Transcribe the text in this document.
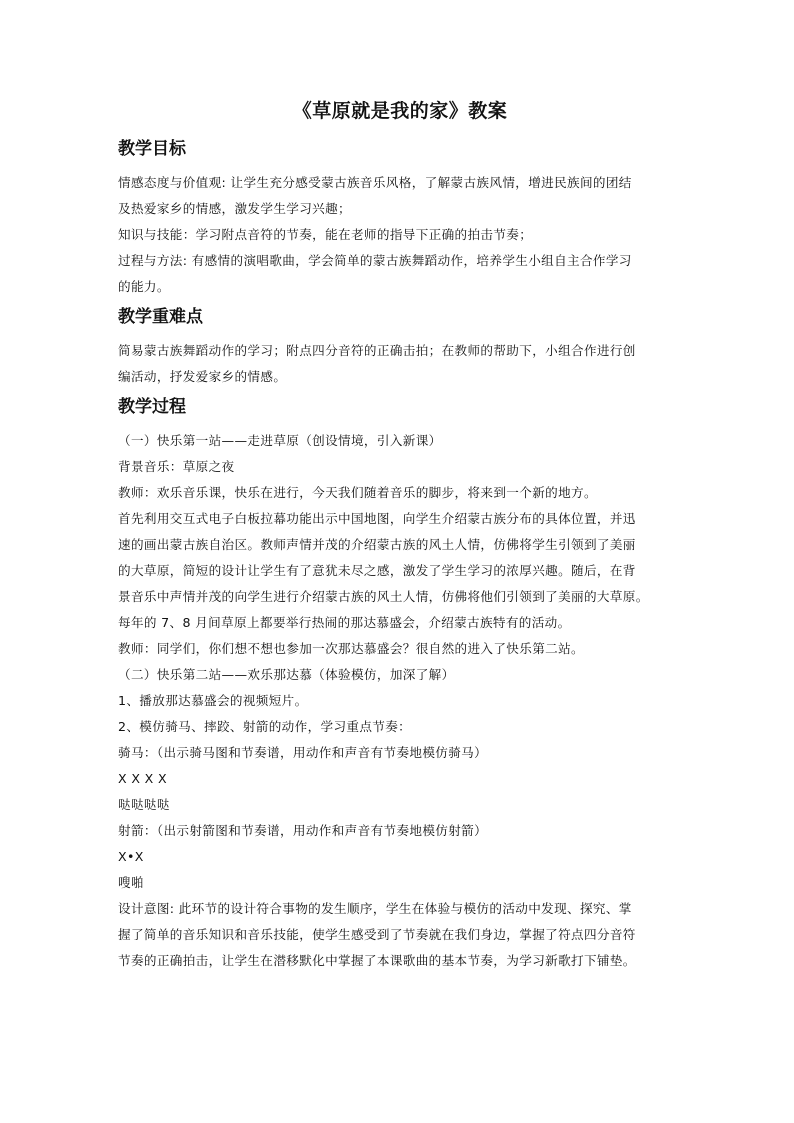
《草原就是我的家》教案
教学目标
情感态度与价值观: 让学生充分感受蒙古族音乐风格，了解蒙古族风情，增进民族间的团结
及热爱家乡的情感，激发学生学习兴趣；
知识与技能：学习附点音符的节奏，能在老师的指导下正确的拍击节奏；
过程与方法: 有感情的演唱歌曲，学会简单的蒙古族舞蹈动作，培养学生小组自主合作学习
的能力。
教学重难点
简易蒙古族舞蹈动作的学习；附点四分音符的正确击拍；在教师的帮助下，小组合作进行创
编活动，抒发爱家乡的情感。
教学过程
（一）快乐第一站——走进草原（创设情境，引入新课）
背景音乐：草原之夜
教师：欢乐音乐课，快乐在进行，今天我们随着音乐的脚步，将来到一个新的地方。
首先利用交互式电子白板拉幕功能出示中国地图，向学生介绍蒙古族分布的具体位置，并迅
速的画出蒙古族自治区。教师声情并茂的介绍蒙古族的风土人情，仿佛将学生引领到了美丽
的大草原，简短的设计让学生有了意犹未尽之感，激发了学生学习的浓厚兴趣。随后，在背
景音乐中声情并茂的向学生进行介绍蒙古族的风土人情，仿佛将他们引领到了美丽的大草原。
每年的 7、8 月间草原上都要举行热闹的那达慕盛会，介绍蒙古族特有的活动。
教师：同学们，你们想不想也参加一次那达慕盛会？很自然的进入了快乐第二站。
（二）快乐第二站——欢乐那达慕（体验模仿，加深了解）
1、播放那达慕盛会的视频短片。
2、模仿骑马、摔跤、射箭的动作，学习重点节奏：
骑马：（出示骑马图和节奏谱，用动作和声音有节奏地模仿骑马）
X X X X
哒哒哒哒
射箭：（出示射箭图和节奏谱，用动作和声音有节奏地模仿射箭）
X•X
嗖啪
设计意图: 此环节的设计符合事物的发生顺序，学生在体验与模仿的活动中发现、探究、掌
握了简单的音乐知识和音乐技能，使学生感受到了节奏就在我们身边，掌握了符点四分音符
节奏的正确拍击，让学生在潜移默化中掌握了本课歌曲的基本节奏，为学习新歌打下铺垫。
